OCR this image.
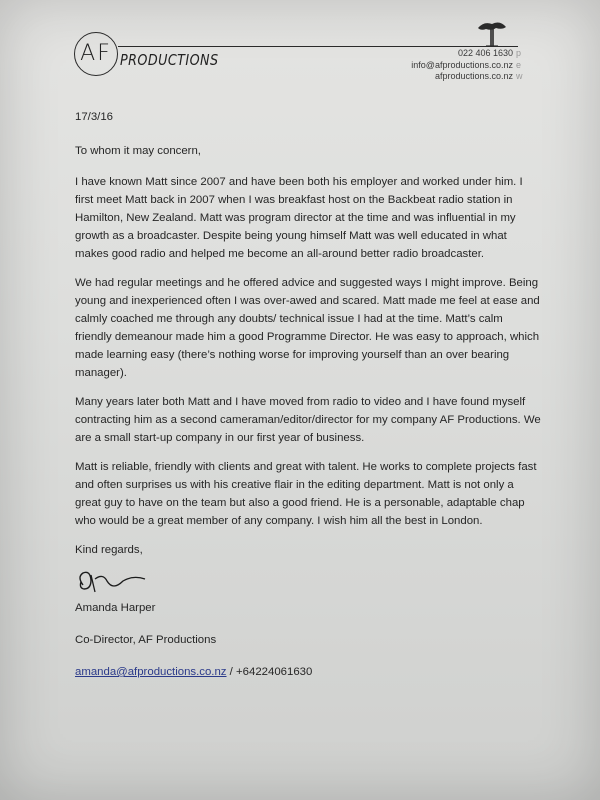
AF PRODUCTIONS	022 406 1630 p
info@afproductions.co.nz e
afproductions.co.nz w

17/3/16

To whom it may concern,

I have known Matt since 2007 and have been both his employer and worked under him. I first meet Matt back in 2007 when I was breakfast host on the Backbeat radio station in Hamilton, New Zealand. Matt was program director at the time and was influential in my growth as a broadcaster. Despite being young himself Matt was well educated in what makes good radio and helped me become an all-around better radio broadcaster.

We had regular meetings and he offered advice and suggested ways I might improve. Being young and inexperienced often I was over-awed and scared. Matt made me feel at ease and calmly coached me through any doubts/ technical issue I had at the time. Matt’s calm friendly demeanour made him a good Programme Director. He was easy to approach, which made learning easy (there’s nothing worse for improving yourself than an over bearing manager).

Many years later both Matt and I have moved from radio to video and I have found myself contracting him as a second cameraman/editor/director for my company AF Productions. We are a small start-up company in our first year of business.

Matt is reliable, friendly with clients and great with talent. He works to complete projects fast and often surprises us with his creative flair in the editing department. Matt is not only a great guy to have on the team but also a good friend. He is a personable, adaptable chap who would be a great member of any company. I wish him all the best in London.

Kind regards,

Amanda Harper

Co-Director, AF Productions

amanda@afproductions.co.nz / +64224061630
